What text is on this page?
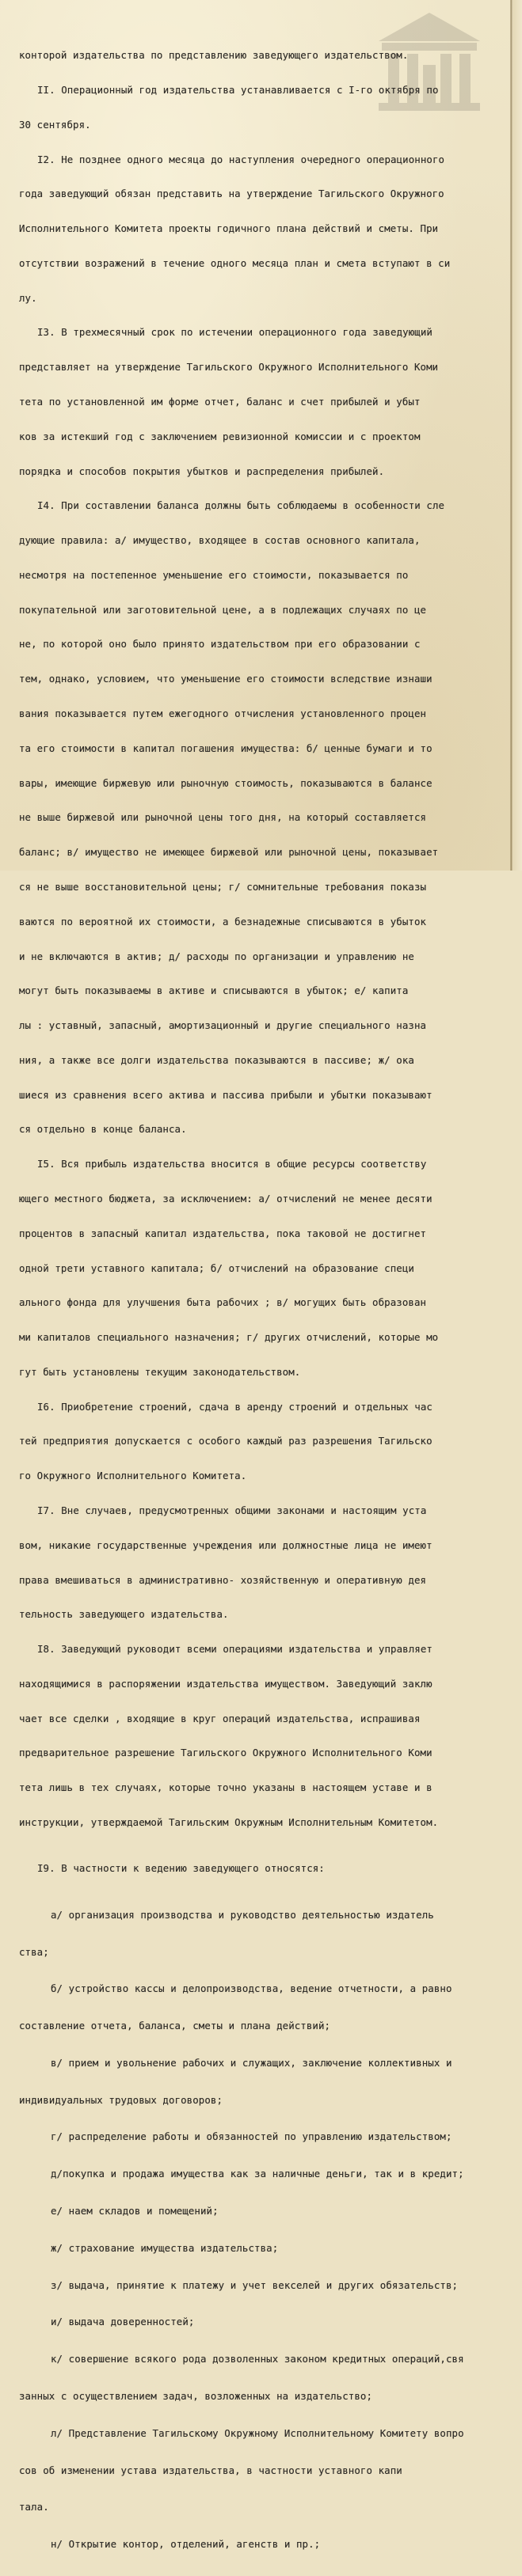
конторой издательства по представлению заведующего издательством.

II. Операционный год издательства устанавливается с I-го октября по

30 сентября.

I2. Не позднее одного месяца до наступления очередного операционного

года заведующий обязан представить на утверждение Тагильского Окружного

Исполнительного Комитета проекты годичного плана действий и сметы. При

отсутствии возражений в течение одного месяца план и смета вступают в си

лу.

I3. В трехмесячный срок по истечении операционного года заведующий

представляет на утверждение Тагильского Окружного Исполнительного Коми

тета по установленной им форме отчет, баланс и счет прибылей и убыт

ков за истекший год с заключением ревизионной комиссии и с проектом

порядка и способов покрытия убытков и распределения прибылей.

I4. При составлении баланса должны быть соблюдаемы в особенности сле

дующие правила: а/ имущество, входящее в состав основного капитала,

несмотря на постепенное уменьшение его стоимости, показывается по

покупательной или заготовительной цене, а в подлежащих случаях по це

не, по которой оно было принято издательством при его образовании с

тем, однако, условием, что уменьшение его стоимости вследствие изнаши

вания показывается путем ежегодного отчисления установленного процен

та его стоимости в капитал погашения имущества: б/ ценные бумаги и то

вары, имеющие биржевую или рыночную стоимость, показываются в балансе

не выше биржевой или рыночной цены того дня, на который составляется

баланс; в/ имущество не имеющее биржевой или рыночной цены, показывает

ся не выше восстановительной цены; г/ сомнительные требования показы

ваются по вероятной их стоимости, а безнадежные списываются в убыток

и не включаются в актив; д/ расходы по организации и управлению не

могут быть показываемы в активе и списываются в убыток; е/ капита

лы : уставный, запасный, амортизационный и другие специального назна

ния, а также все долги издательства показываются в пассиве; ж/ ока

шиеся из сравнения всего актива и пассива прибыли и убытки показывают

ся отдельно в конце баланса.

I5. Вся прибыль издательства вносится в общие ресурсы соответству

ющего местного бюджета, за исключением: а/ отчислений не менее десяти

процентов в запасный капитал издательства, пока таковой не достигнет

одной трети уставного капитала; б/ отчислений на образование специ

ального фонда для улучшения быта рабочих ; в/ могущих быть образован

ми капиталов специального назначения; г/ других отчислений, которые мо

гут быть установлены текущим законодательством.

I6. Приобретение строений, сдача в аренду строений и отдельных час

тей предприятия допускается с особого каждый раз разрешения Тагильско

го Окружного Исполнительного Комитета.

I7. Вне случаев, предусмотренных общими законами и настоящим уста

вом, никакие государственные учреждения или должностные лица не имеют

права вмешиваться в административно- хозяйственную и оперативную дея

тельность заведующего издательства.

I8. Заведующий руководит всеми операциями издательства и управляет

находящимися в распоряжении издательства имуществом. Заведующий заклю

чает все сделки , входящие в круг операций издательства, испрашивая

предварительное разрешение Тагильского Окружного Исполнительного Коми

тета лишь в тех случаях, которые точно указаны в настоящем уставе и в

инструкции, утверждаемой Тагильским Окружным Исполнительным Комитетом.

I9. В частности к ведению заведующего относятся:

а/ организация производства и руководство деятельностью издатель

ства;

б/ устройство кассы и делопроизводства, ведение отчетности, а равно

составление отчета, баланса, сметы и плана действий;

в/ прием и увольнение рабочих и служащих, заключение коллективных и

индивидуальных трудовых договоров;

г/ распределение работы и обязанностей по управлению издательством;

д/покупка и продажа имущества как за наличные деньги, так и в кредит;

е/ наем складов и помещений;

ж/ страхование имущества издательства;

з/ выдача, принятие к платежу и учет векселей и других обязательств;

и/ выдача доверенностей;

к/ совершение всякого рода дозволенных законом кредитных операций,свя

занных с осуществлением задач, возложенных на издательство;

л/ Представление Тагильскому Окружному Исполнительному Комитету вопро

сов об изменении устава издательства, в частности уставного капи

тала.

н/ Открытие контор, отделений, агенств и пр.;
